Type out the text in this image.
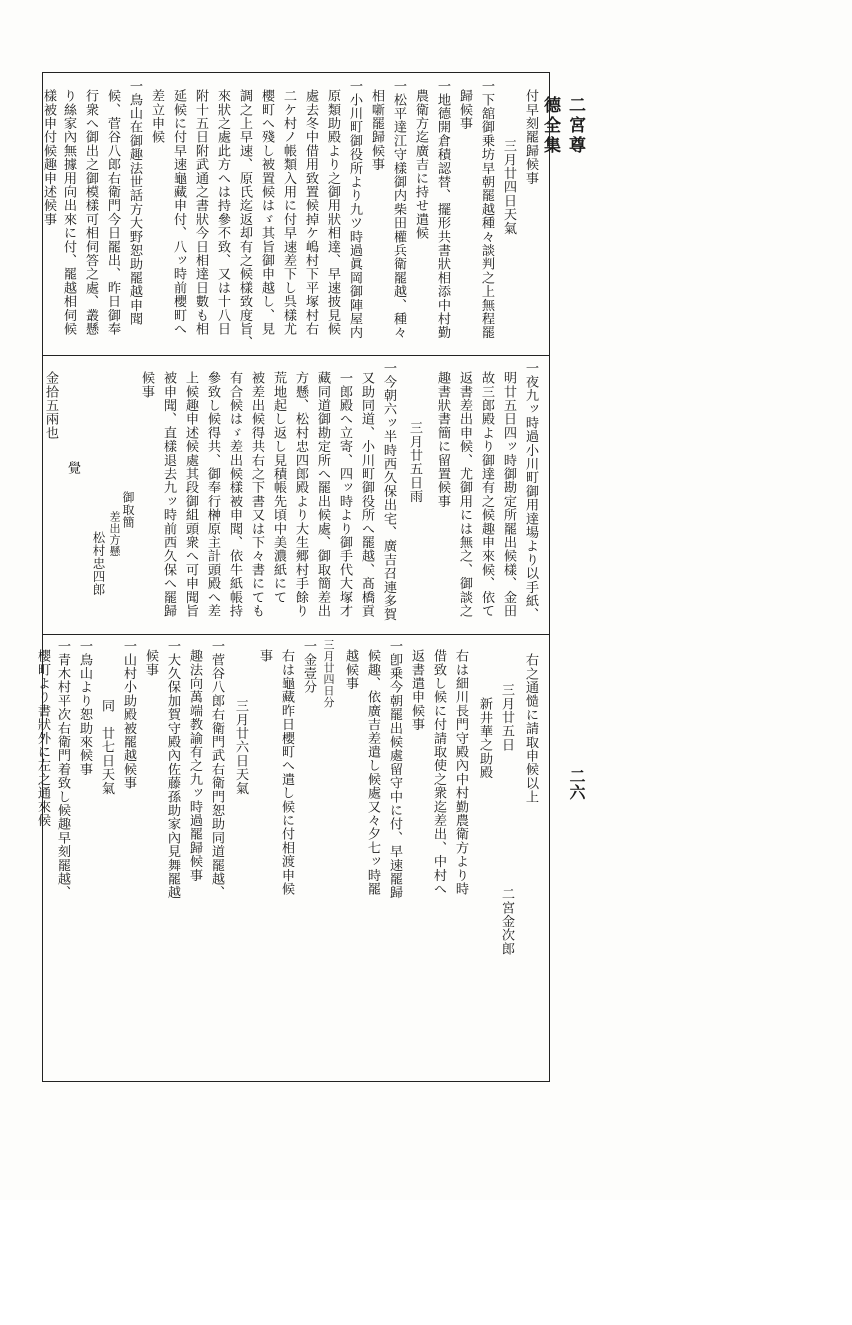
二宮尊德全集
二六
付早刻罷歸候事
三月廿四日天氣
一下舘御乗坊早朝罷越種々談判之上無程罷
歸候事
一地德開倉積認替、擺形共書狀相添中村勤
農衛方迄廣吉に持せ遣候
一松平達江守樣御内柴田權兵衛罷越、種々
相噺罷歸候事
一小川町御役所より九ツ時過眞岡御陣屋内
原類助殿より之御用狀相達、早速披見候
處去冬中借用致置候掉ケ嶋村下平塚村右
二ケ村ノ帳類入用に付早速差下し呉樣尤
櫻町へ殘し被置候はゞ其旨御申越し、見
調之上早速、原氏迄返却有之候樣致度旨、
來狀之處此方へは持參不致、又は十八日
附十五日附武通之書狀今日相達日數も相
延候に付早速龜藏申付、八ッ時前櫻町へ
差立申候
一鳥山在御趣法世話方大野恕助罷越申聞
候、菅谷八郎右衛門今日罷出、昨日御奉
行衆へ御出之御模樣可相伺答之處、叢懸
り絲家內無據用向出來に付、罷越相伺候
樣被申付候趣申述候事
一夜九ッ時過小川町御用達場より以手紙、
明廿五日四ッ時御勘定所罷出候樣、金田
故三郎殿より御達有之候趣申來候、依て
返書差出申候、尤御用には無之、御談之
趣書狀書簡に留置候事
三月廿五日雨
一今朝六ッ半時西久保出宅、廣吉召連多賀
又助同道、小川町御役所へ罷越、髙橋貢
一郎殿へ立寄、四ッ時より御手代大塚才
藏同道御勘定所へ罷出候處、御取簡差出
方懸、松村忠四郎殿より大生郷村手餘り
荒地起し返し見積帳先頃中美濃紙にて
被差出候得共右之下書又は下々書にても
有合候はゞ差出候樣被申聞、依牛紙帳持
參致し候得共、御奉行榊原主計頭殿へ差
上候趣申述候處其段御組頭衆へ可申聞旨
被申聞、直樣退去九ッ時前西久保へ罷歸
候事
御取簡
差出方懸
松村忠四郎
覺
金拾五兩也
右之通慥に請取申候以上
三月廿五日
二宮金次郎
新井華之助殿
右は細川長門守殿內中村勤農衛方より時
借致し候に付請取使之衆迄差出、中村へ
返書遣申候事
一卽乗今朝罷出候處留守中に付、早速罷歸
候趣、依廣吉差遣し候處又々夕七ッ時罷
越候事
三月廿四日分
一金壹分
右は龜藏昨日櫻町へ遣し候に付相渡申候
事
三月廿六日天氣
一菅谷八郎右衛門武右衛門恕助同道罷越、
趣法向萬端教諭有之九ッ時過罷歸候事
一大久保加賀守殿內佐藤孫助家內見舞罷越
候事
一山村小助殿被罷越候事
同　廿七日天氣
一鳥山より恕助來候事
一青木村平次右衛門着致し候趣早刻罷越、
櫻町より書狀外に左之通來候
